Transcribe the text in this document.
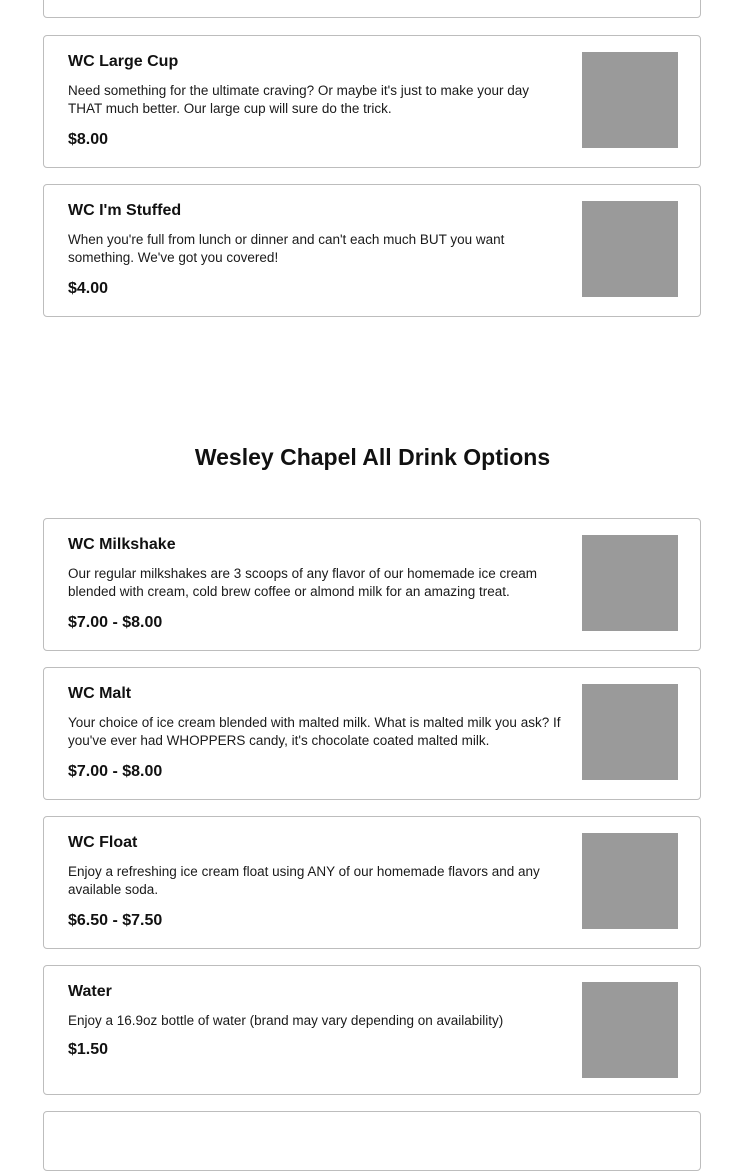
WC Large Cup

Need something for the ultimate craving? Or maybe it's just to make your day THAT much better. Our large cup will sure do the trick.

$8.00

WC I'm Stuffed

When you're full from lunch or dinner and can't each much BUT you want something. We've got you covered!

$4.00

Wesley Chapel All Drink Options
WC Milkshake

Our regular milkshakes are 3 scoops of any flavor of our homemade ice cream blended with cream, cold brew coffee or almond milk for an amazing treat.

$7.00 - $8.00

WC Malt

Your choice of ice cream blended with malted milk. What is malted milk you ask? If you've ever had WHOPPERS candy, it's chocolate coated malted milk.

$7.00 - $8.00

WC Float

Enjoy a refreshing ice cream float using ANY of our homemade flavors and any available soda.

$6.50 - $7.50

Water

Enjoy a 16.9oz bottle of water (brand may vary depending on availability)

$1.50
